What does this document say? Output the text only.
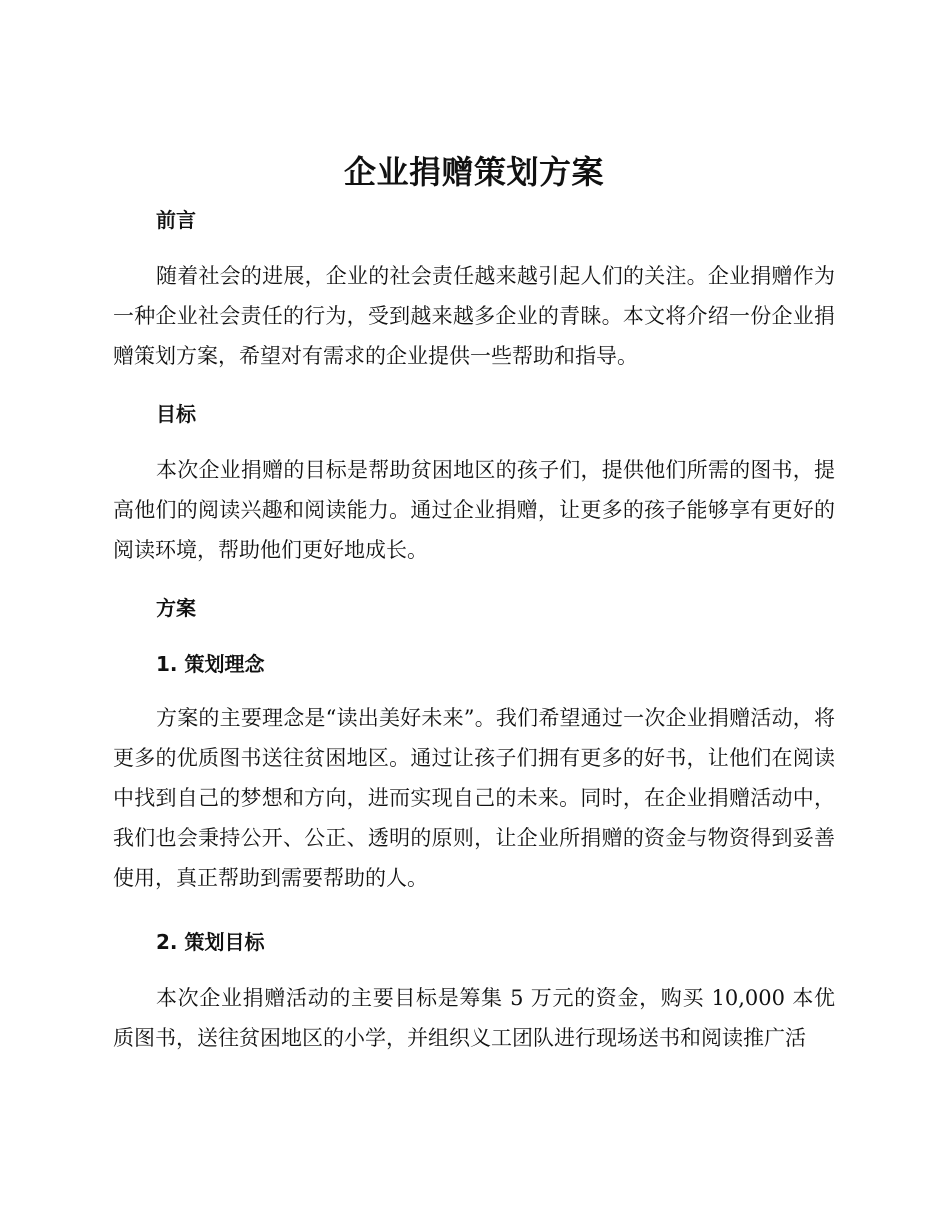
企业捐赠策划方案
前言

随着社会的进展，企业的社会责任越来越引起人们的关注。企业捐赠作为一种企业社会责任的行为，受到越来越多企业的青睐。本文将介绍一份企业捐赠策划方案，希望对有需求的企业提供一些帮助和指导。

目标

本次企业捐赠的目标是帮助贫困地区的孩子们，提供他们所需的图书，提高他们的阅读兴趣和阅读能力。通过企业捐赠，让更多的孩子能够享有更好的阅读环境，帮助他们更好地成长。

方案
1. 策划理念

方案的主要理念是“读出美好未来”。我们希望通过一次企业捐赠活动，将更多的优质图书送往贫困地区。通过让孩子们拥有更多的好书，让他们在阅读中找到自己的梦想和方向，进而实现自己的未来。同时，在企业捐赠活动中，我们也会秉持公开、公正、透明的原则，让企业所捐赠的资金与物资得到妥善使用，真正帮助到需要帮助的人。

2. 策划目标

本次企业捐赠活动的主要目标是筹集 5 万元的资金，购买 10,000 本优质图书，送往贫困地区的小学，并组织义工团队进行现场送书和阅读推广活
